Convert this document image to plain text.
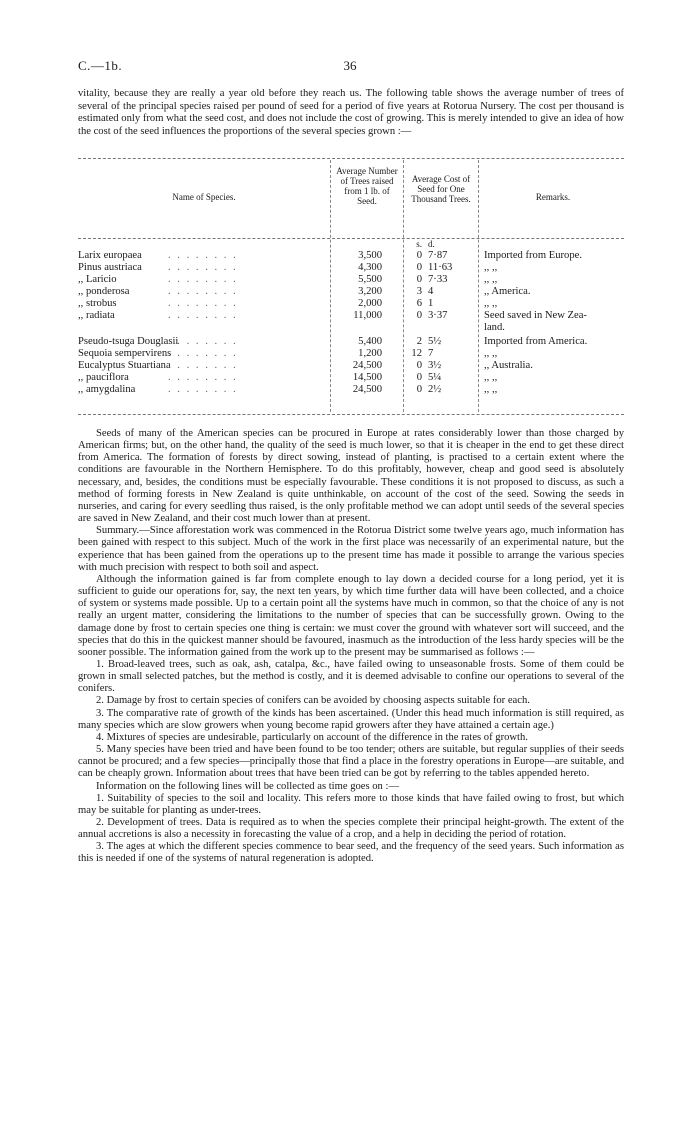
C.—1b.	36
vitality, because they are really a year old before they reach us. The following table shows the average number of trees of several of the principal species raised per pound of seed for a period of five years at Rotorua Nursery. The cost per thousand is estimated only from what the seed cost, and does not include the cost of growing. This is merely intended to give an idea of how the cost of the seed influences the proportions of the several species grown :—
Name of Species.
Average Number of Trees raised from 1 lb. of Seed.
Average Cost of Seed for One Thousand Trees.	Remarks.
s. d.
Larix europaea	3,500	0 7·87	Imported from Europe.
. . . . . . . .
Pinus austriaca	4,300	0 11·63	,, ,,
. . . . . . . .
,, Laricio	5,500	0 7·33	,, ,,
. . . . . . . .
,, ponderosa	3,200	3 4	,, America.
. . . . . . . .
,, strobus	2,000	6 1	,, ,,
. . . . . . . .
,, radiata	11,000	0 3·37	Seed saved in New Zea-
. . . . . . . .
land.
Pseudo-tsuga Douglasii	5,400	2 5½	Imported from America.
. . . . . . . .
Sequoia sempervirens	1,200	12 7	,, ,,
. . . . . . . .
Eucalyptus Stuartiana	24,500	0 3½	,, Australia.
. . . . . . . .
,, pauciflora	14,500	0 5¼	,, ,,
. . . . . . . .
,, amygdalina	24,500	0 2½	,, ,,
. . . . . . . .

Seeds of many of the American species can be procured in Europe at rates considerably lower than those charged by American firms; but, on the other hand, the quality of the seed is much lower, so that it is cheaper in the end to get these direct from America. The formation of forests by direct sowing, instead of planting, is practised to a certain extent where the conditions are favourable in the Northern Hemisphere. To do this profitably, however, cheap and good seed is absolutely necessary, and, besides, the conditions must be especially favourable. These conditions it is not proposed to discuss, as such a method of forming forests in New Zealand is quite unthinkable, on account of the cost of the seed. Sowing the seeds in nurseries, and caring for every seedling thus raised, is the only profitable method we can adopt until seeds of the several species are saved in New Zealand, and their cost much lower than at present.

Summary.—Since afforestation work was commenced in the Rotorua District some twelve years ago, much information has been gained with respect to this subject. Much of the work in the first place was necessarily of an experimental nature, but the experience that has been gained from the operations up to the present time has made it possible to arrange the various species with much precision with respect to both soil and aspect.

Although the information gained is far from complete enough to lay down a decided course for a long period, yet it is sufficient to guide our operations for, say, the next ten years, by which time further data will have been collected, and a choice of system or systems made possible. Up to a certain point all the systems have much in common, so that the choice of any is not really an urgent matter, considering the limitations to the number of species that can be successfully grown. Owing to the damage done by frost to certain species one thing is certain: we must cover the ground with whatever sort will succeed, and the species that do this in the quickest manner should be favoured, inasmuch as the introduction of the less hardy species will be the sooner possible. The information gained from the work up to the present may be summarised as follows :—

1. Broad-leaved trees, such as oak, ash, catalpa, &c., have failed owing to unseasonable frosts. Some of them could be grown in small selected patches, but the method is costly, and it is deemed advisable to confine our operations to several of the conifers.

2. Damage by frost to certain species of conifers can be avoided by choosing aspects suitable for each.

3. The comparative rate of growth of the kinds has been ascertained. (Under this head much information is still required, as many species which are slow growers when young become rapid growers after they have attained a certain age.)

4. Mixtures of species are undesirable, particularly on account of the difference in the rates of growth.

5. Many species have been tried and have been found to be too tender; others are suitable, but regular supplies of their seeds cannot be procured; and a few species—principally those that find a place in the forestry operations in Europe—are suitable, and can be cheaply grown. Information about trees that have been tried can be got by referring to the tables appended hereto.

Information on the following lines will be collected as time goes on :—

1. Suitability of species to the soil and locality. This refers more to those kinds that have failed owing to frost, but which may be suitable for planting as under-trees.

2. Development of trees. Data is required as to when the species complete their principal height-growth. The extent of the annual accretions is also a necessity in forecasting the value of a crop, and a help in deciding the period of rotation.

3. The ages at which the different species commence to bear seed, and the frequency of the seed years. Such information as this is needed if one of the systems of natural regeneration is adopted.
